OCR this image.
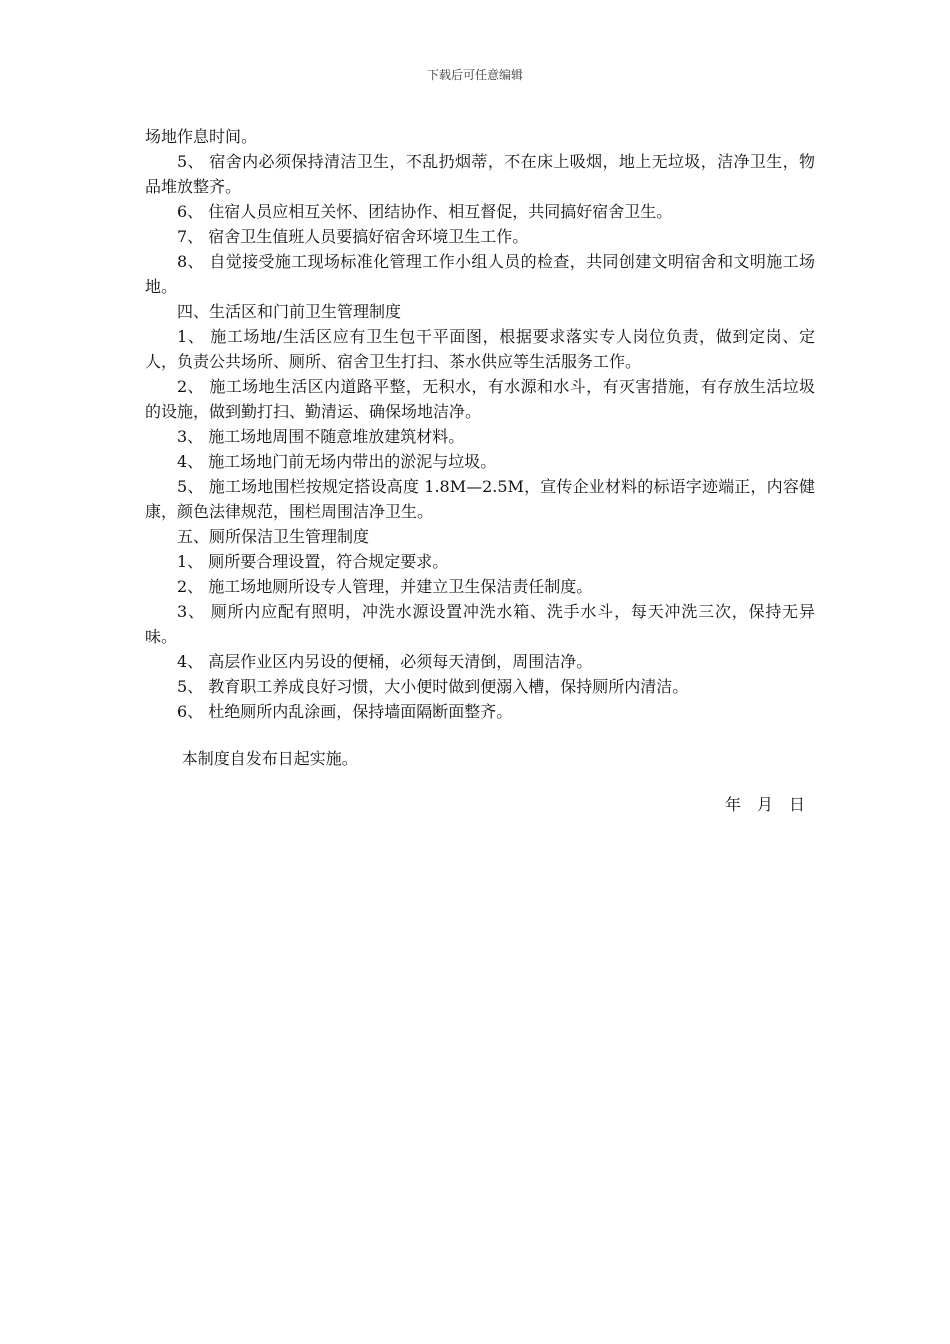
下载后可任意编辑

场地作息时间。

5、 宿舍内必须保持清洁卫生，不乱扔烟蒂，不在床上吸烟，地上无垃圾，洁净卫生，物品堆放整齐。

6、 住宿人员应相互关怀、团结协作、相互督促，共同搞好宿舍卫生。

7、 宿舍卫生值班人员要搞好宿舍环境卫生工作。

8、 自觉接受施工现场标准化管理工作小组人员的检查，共同创建文明宿舍和文明施工场地。

四、生活区和门前卫生管理制度

1、 施工场地/生活区应有卫生包干平面图，根据要求落实专人岗位负责，做到定岗、定人，负责公共场所、厕所、宿舍卫生打扫、茶水供应等生活服务工作。

2、 施工场地生活区内道路平整，无积水，有水源和水斗，有灭害措施，有存放生活垃圾的设施，做到勤打扫、勤清运、确保场地洁净。

3、 施工场地周围不随意堆放建筑材料。

4、 施工场地门前无场内带出的淤泥与垃圾。

5、 施工场地围栏按规定搭设高度 1.8M—2.5M，宣传企业材料的标语字迹端正，内容健康，颜色法律规范，围栏周围洁净卫生。

五、厕所保洁卫生管理制度

1、 厕所要合理设置，符合规定要求。

2、 施工场地厕所设专人管理，并建立卫生保洁责任制度。

3、 厕所内应配有照明，冲洗水源设置冲洗水箱、洗手水斗，每天冲洗三次，保持无异味。

4、 高层作业区内另设的便桶，必须每天清倒，周围洁净。

5、 教育职工养成良好习惯，大小便时做到便溺入槽，保持厕所内清洁。

6、 杜绝厕所内乱涂画，保持墙面隔断面整齐。

本制度自发布日起实施。

年　月　日
